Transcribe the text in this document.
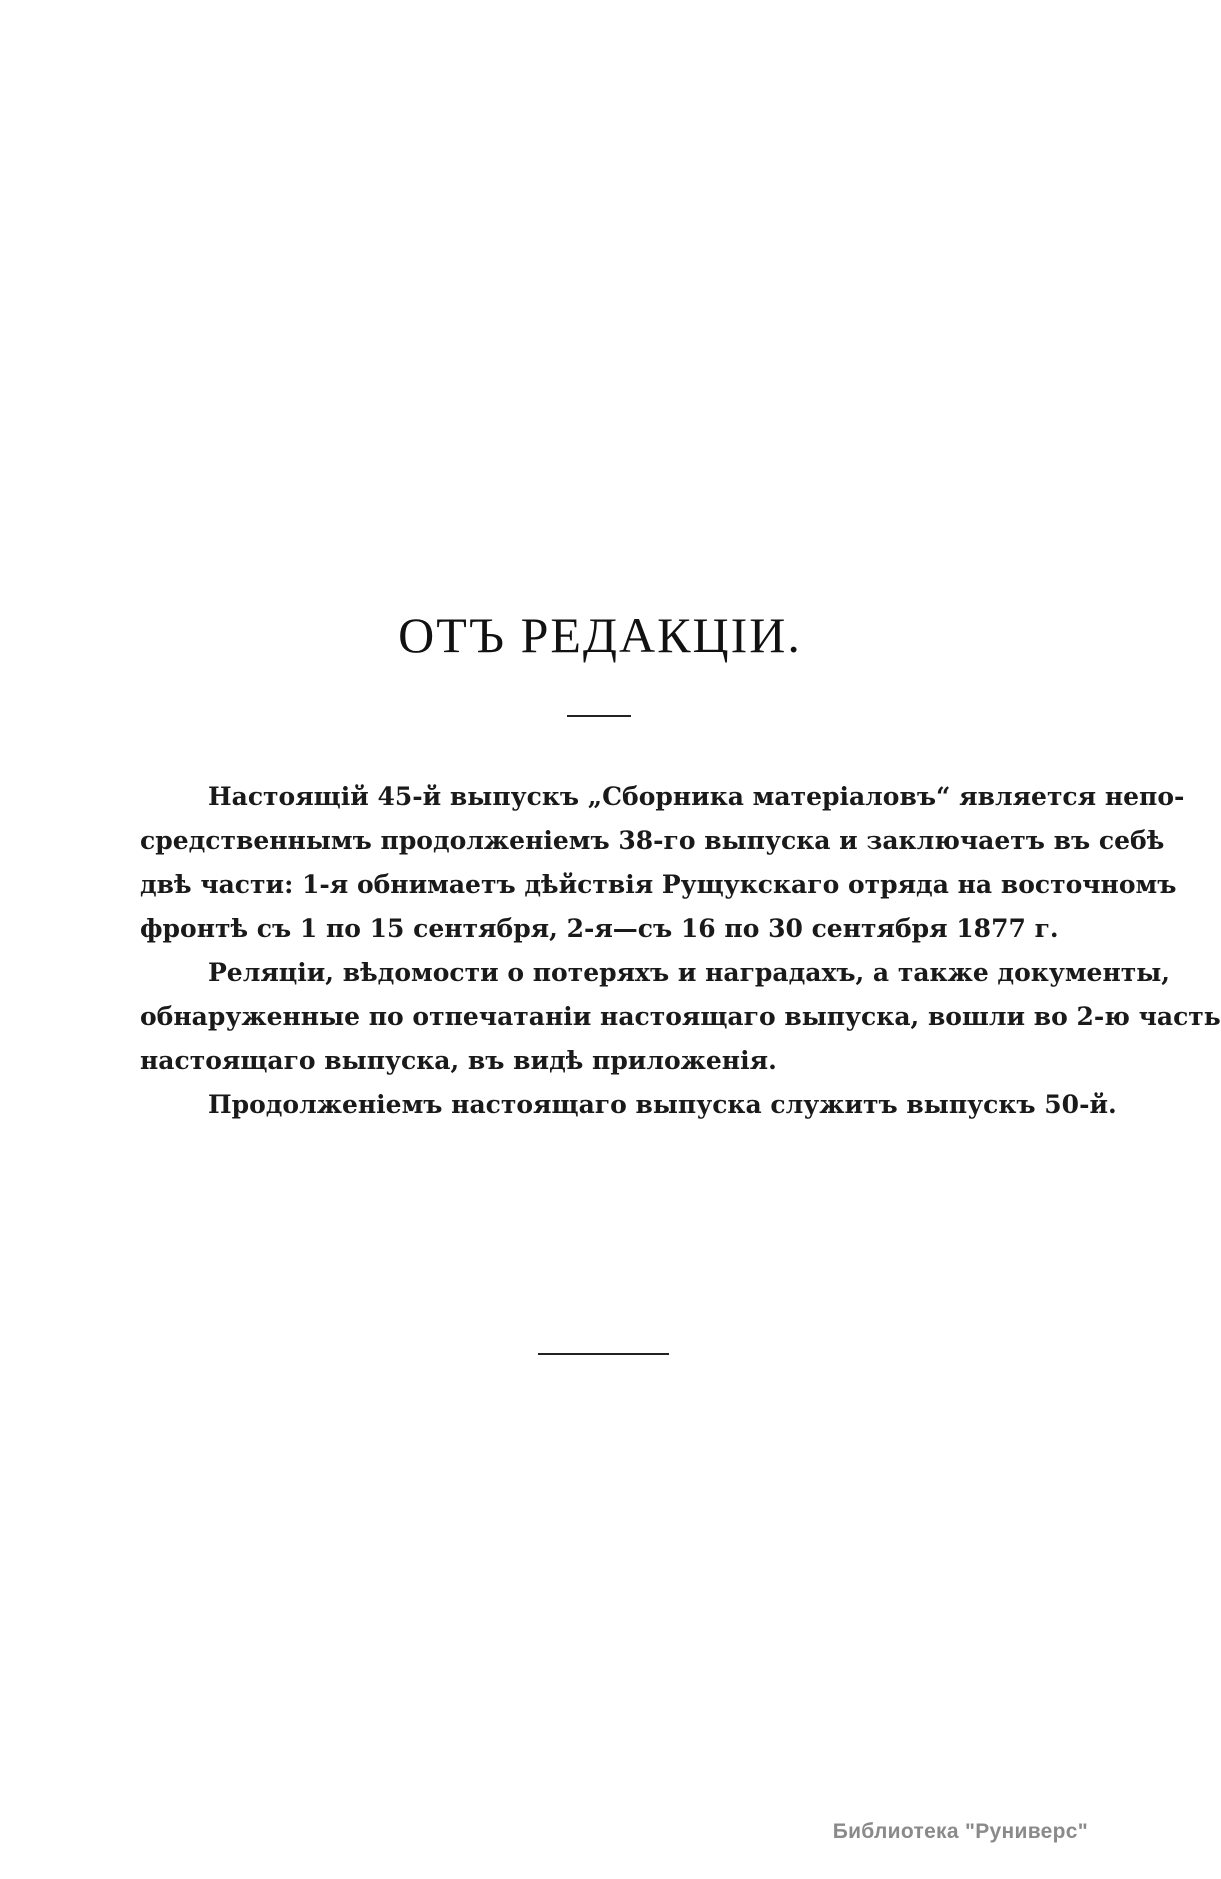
ОТЪ РЕДАКЦIИ.
Настоящiй 45-й выпускъ „Сборника матерiаловъ“ является непо-
средственнымъ продолженiемъ 38-го выпуска и заключаетъ въ себѣ
двѣ части: 1-я обнимаетъ дѣйствiя Рущукскаго отряда на восточномъ
фронтѣ съ 1 по 15 сентября, 2-я—съ 16 по 30 сентября 1877 г.
Реляцiи, вѣдомости о потеряхъ и наградахъ, а также документы,
обнаруженные по отпечатанiи настоящаго выпуска, вошли во 2-ю часть
настоящаго выпуска, въ видѣ приложенiя.
Продолженiемъ настоящаго выпуска служитъ выпускъ 50-й.
Библиотека "Руниверс"
